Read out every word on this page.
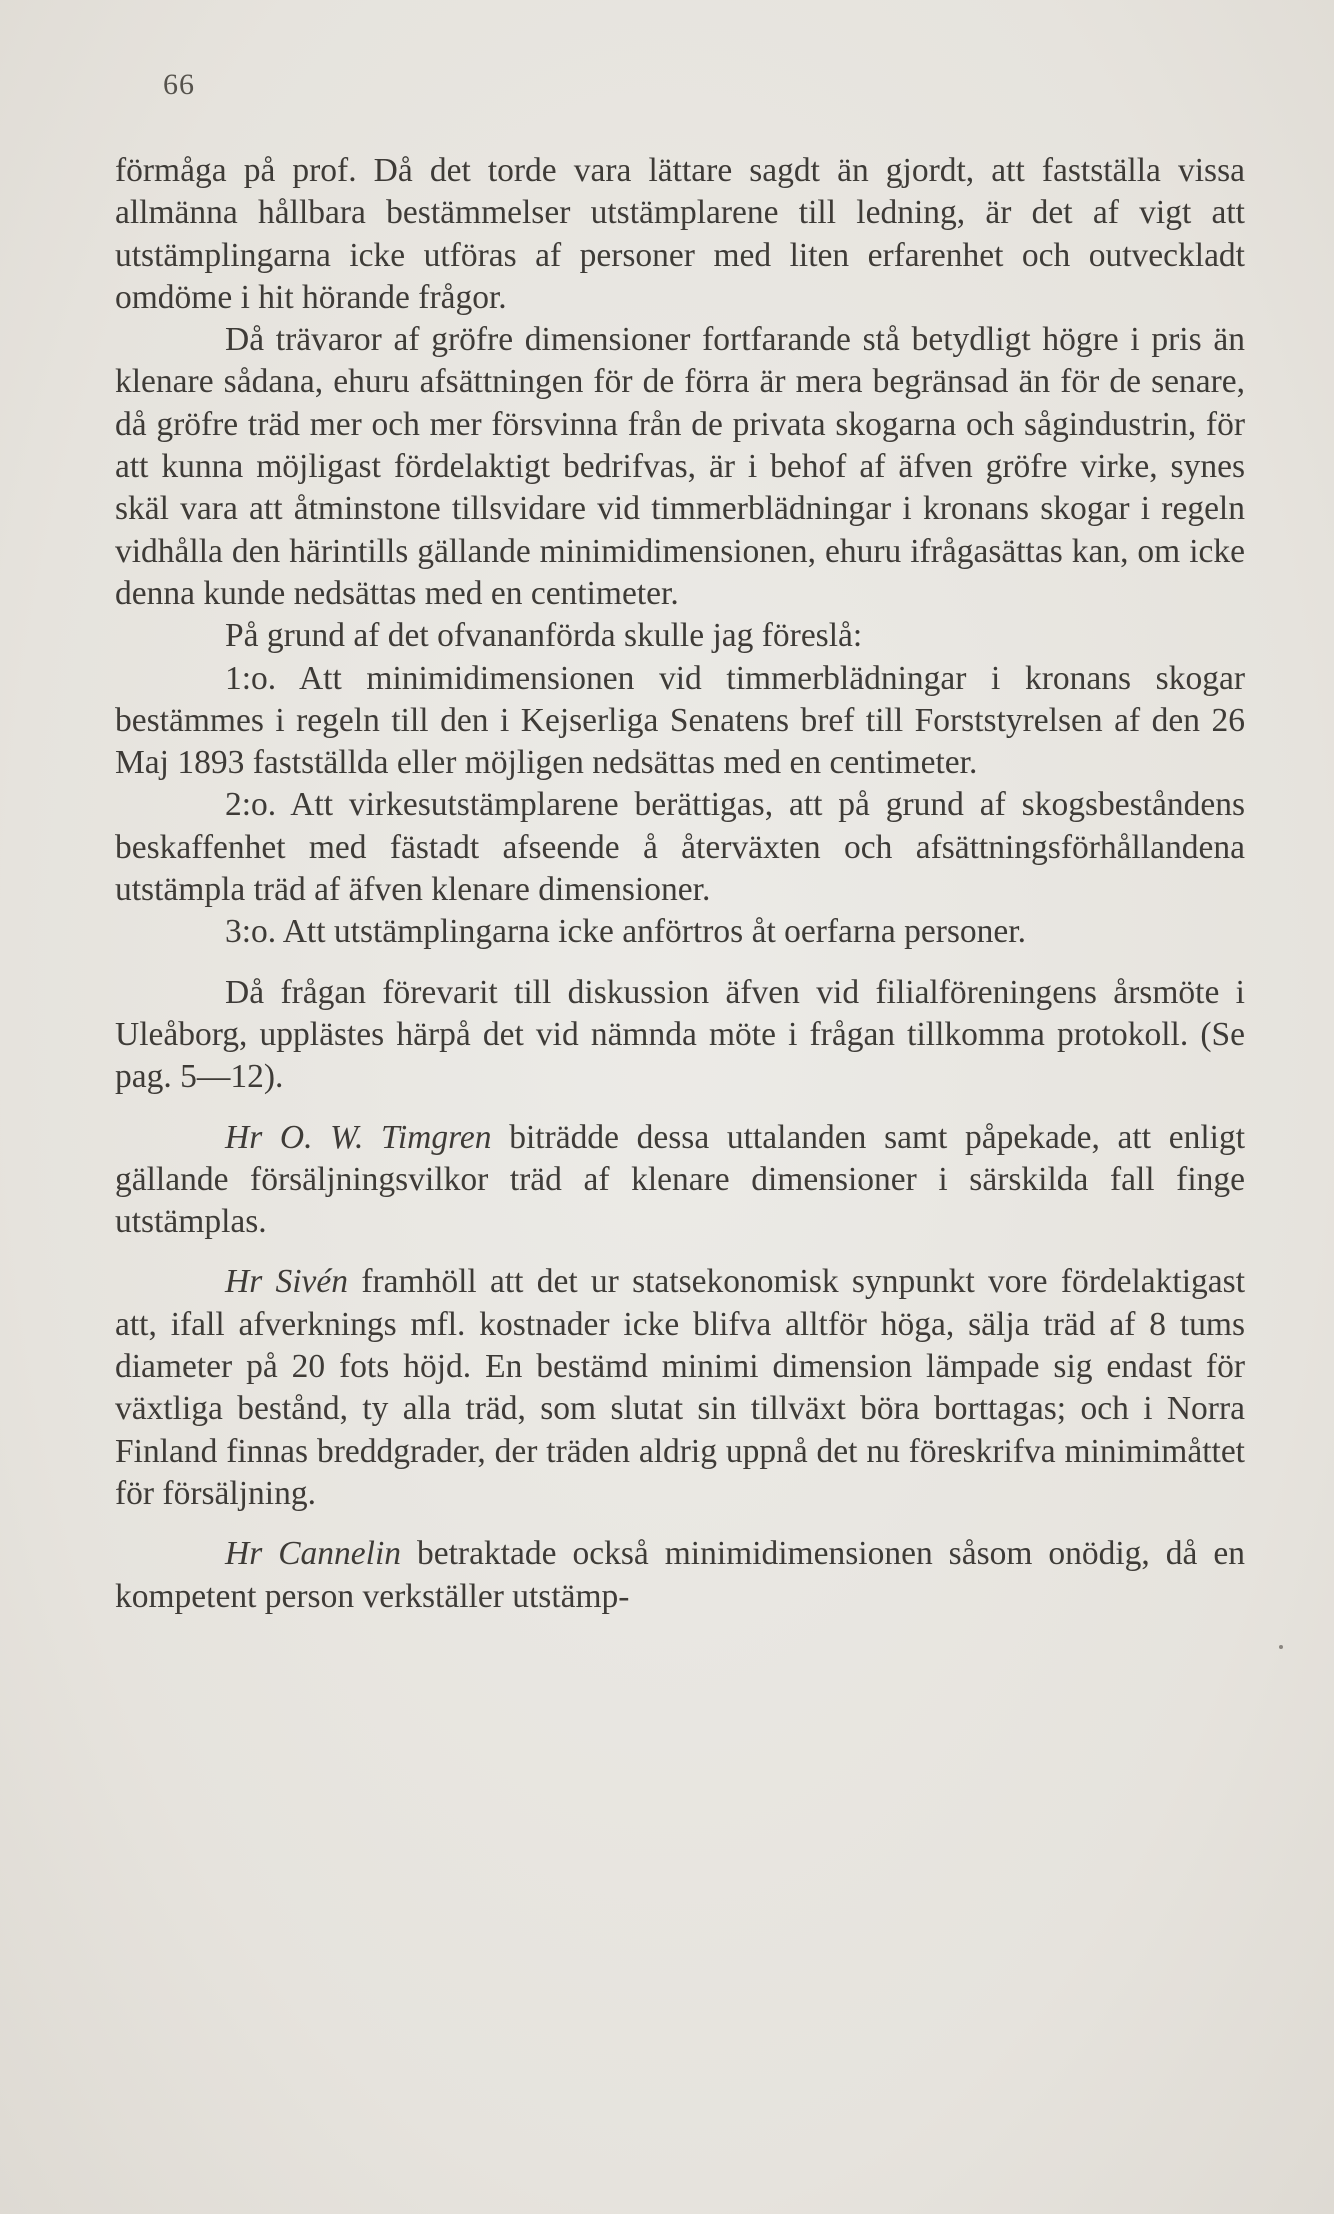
66

förmåga på prof. Då det torde vara lättare sagdt än gjordt, att fastställa vissa allmänna hållbara bestämmelser utstämplarene till ledning, är det af vigt att utstämplingarna icke utföras af personer med liten erfarenhet och outveckladt omdöme i hit hörande frågor.

Då trävaror af gröfre dimensioner fortfarande stå betydligt högre i pris än klenare sådana, ehuru afsättningen för de förra är mera begränsad än för de senare, då gröfre träd mer och mer försvinna från de privata skogarna och sågindustrin, för att kunna möjligast fördelaktigt bedrifvas, är i behof af äfven gröfre virke, synes skäl vara att åtminstone tillsvidare vid timmerblädningar i kronans skogar i regeln vidhålla den härintills gällande minimidimensionen, ehuru ifrågasättas kan, om icke denna kunde nedsättas med en centimeter.

På grund af det ofvananförda skulle jag föreslå:

1:o. Att minimidimensionen vid timmerblädningar i kronans skogar bestämmes i regeln till den i Kejserliga Senatens bref till Forststyrelsen af den 26 Maj 1893 fastställda eller möjligen nedsättas med en centimeter.

2:o. Att virkesutstämplarene berättigas, att på grund af skogsbeståndens beskaffenhet med fästadt afseende å återväxten och afsättningsförhållandena utstämpla träd af äfven klenare dimensioner.

3:o. Att utstämplingarna icke anförtros åt oerfarna personer.

Då frågan förevarit till diskussion äfven vid filialföreningens årsmöte i Uleåborg, upplästes härpå det vid nämnda möte i frågan tillkomma protokoll. (Se pag. 5—12).

Hr O. W. Timgren biträdde dessa uttalanden samt påpekade, att enligt gällande försäljningsvilkor träd af klenare dimensioner i särskilda fall finge utstämplas.

Hr Sivén framhöll att det ur statsekonomisk synpunkt vore fördelaktigast att, ifall afverknings mfl. kostnader icke blifva alltför höga, sälja träd af 8 tums diameter på 20 fots höjd. En bestämd minimi dimension lämpade sig endast för växtliga bestånd, ty alla träd, som slutat sin tillväxt böra borttagas; och i Norra Finland finnas breddgrader, der träden aldrig uppnå det nu föreskrifva minimimåttet för försäljning.

Hr Cannelin betraktade också minimidimensionen såsom onödig, då en kompetent person verkställer utstämp-
